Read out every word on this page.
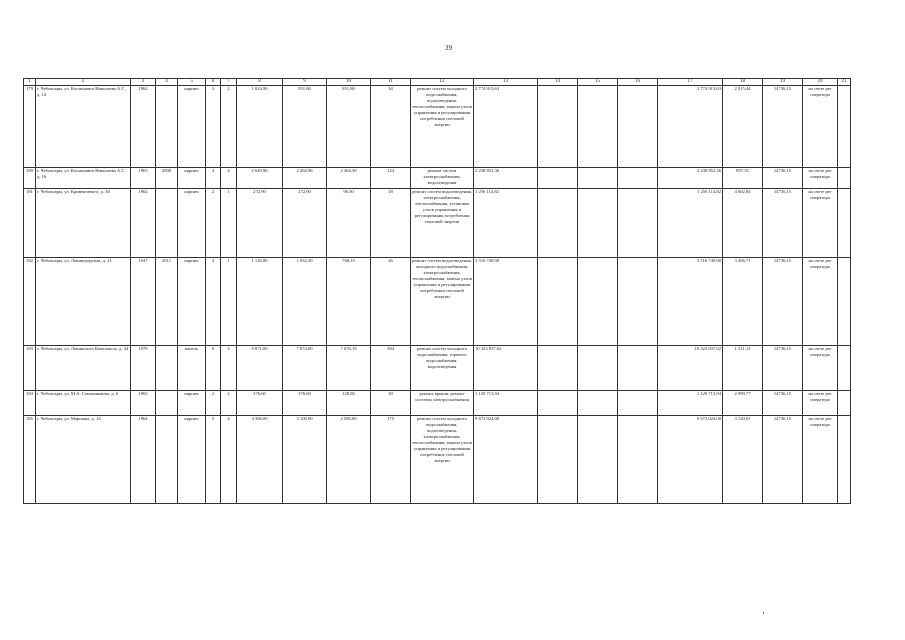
39
1	2	3	4	5	6	7	8	9	10	11	12	13	14	15	16	17	18	19	20	21
179	г. Чебоксары, ул. Космонавта Николаева А.Г., д. 14	1962		кирпич	3	2	1 024,90	951,80	951,80	34	ремонт систем холодного водоснабжения, водоотведения, теплоснабжения, замена узлов управления и регулирования потребления тепловой энергии	2 774 913,63				2 774 913,63	2 915,44	14736,15	на счете рег оператора	
180	г. Чебоксары, ул. Космонавта Николаева А.Г., д. 16	1963	2008	кирпич	4	4	2 649,96	2 494,96	2 364,30	124	ремонт систем электроснабжения, водоотведения	2 238 852,36				2 238 852,36	897,35	14736,15	на счете рег оператора	
181	г. Чебоксары, ул. Кривенчевого, д. 30	1962		кирпич	2	1	272,90	272,90	98,30	18	ремонт систем водоотведения, электроснабжения, теплоснабжения, установка узлов управления и регулирования потребления тепловой энергии	1 256 114,82				1 256 114,82	4 602,84	14736,15	на счете рег оператора	
182	г. Чебоксары, ул. Ленинградская, д. 21	1947	2011	кирпич	3	1	1 126,80	1 032,30	768,10	26	ремонт систем водоотведения, холодного водоснабжения, электроснабжения, теплоснабжения, замена узлов управления и регулирования потребления тепловой энергии	3 516 749,90				3 516 749,90	3 406,71	14736,15	на счете рег оператора	
183	г. Чебоксары, ул. Ленинского Комсомола, д. 44	1979		панель	9	4	8 871,00	7 874,00	7 076,19	384	ремонт систем холодного водоснабжения, горячего водоснабжения, водоотведения	10 323 837,62				10 323 837,62	1 311,13	14736,15	на счете рег оператора	
184	г. Чебоксары, ул. М.А. Самошникова, д. 6	1963		кирпич	2	2	376,60	376,60	128,80	30	ремонт крыши, ремонт системы электроснабжения	1 129 713,94				1 129 713,94	2 999,77	14736,15	на счете рег оператора	
185	г. Чебоксары, ул. Маршака, д. 14	1964		кирпич	5	4	3 396,00	3 100,00	2 580,00	175	ремонт систем холодного водоснабжения, водоотведения, электроснабжения, теплоснабжения, замена узлов управления и регулирования потребление тепловой энергии	9 672 024,00				9 672 024,00	3 120,01	14736,15	на счете рег оператора	
